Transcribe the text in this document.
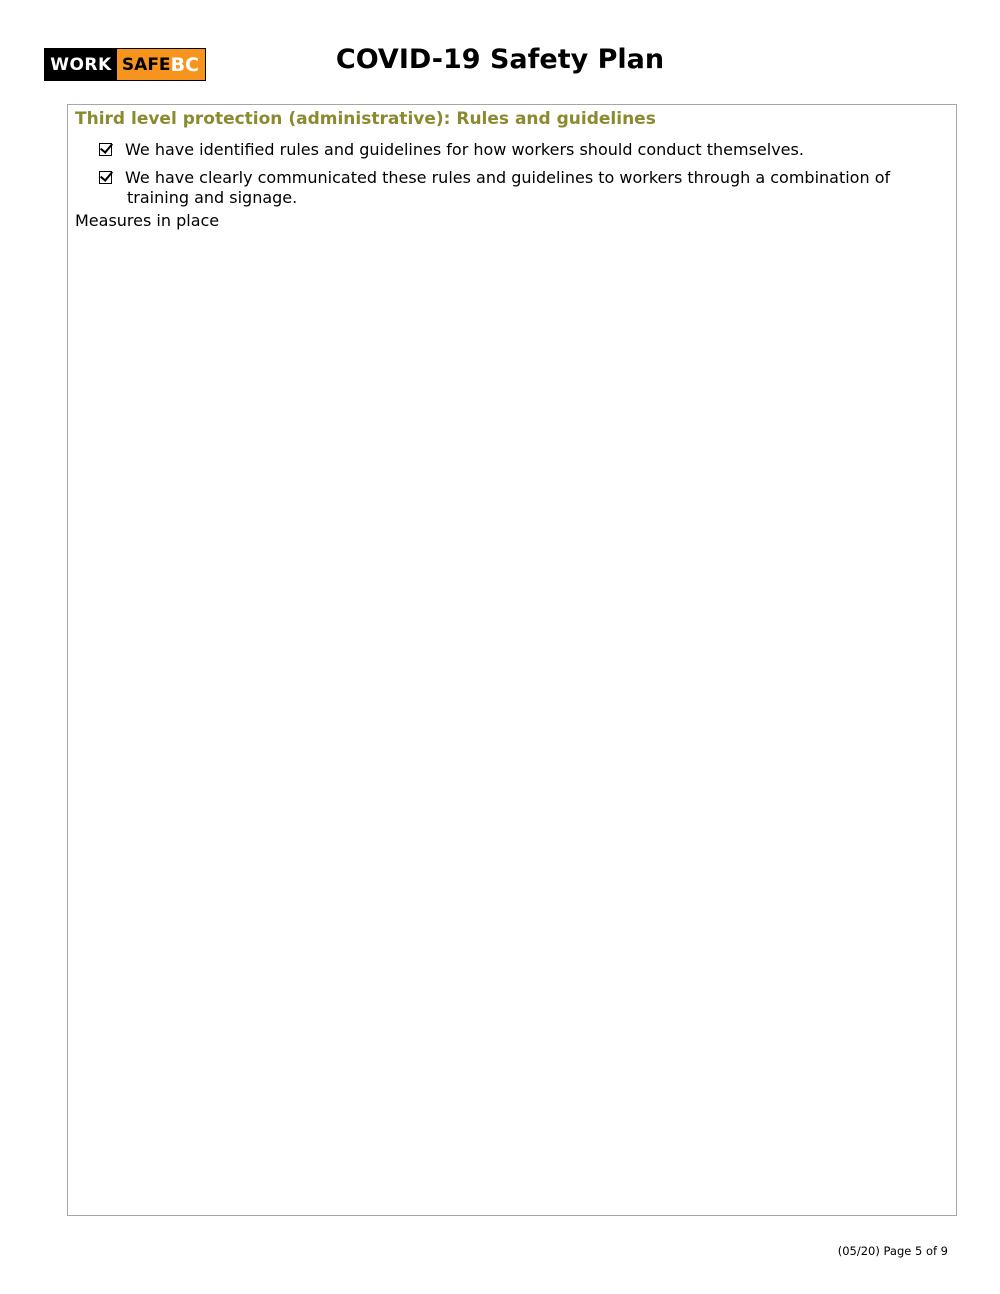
WORK SAFE BC	COVID-19 Safety Plan
Third level protection (administrative): Rules and guidelines
We have identified rules and guidelines for how workers should conduct themselves.
We have clearly communicated these rules and guidelines to workers through a combination of
training and signage.
Measures in place
(05/20) Page 5 of 9
